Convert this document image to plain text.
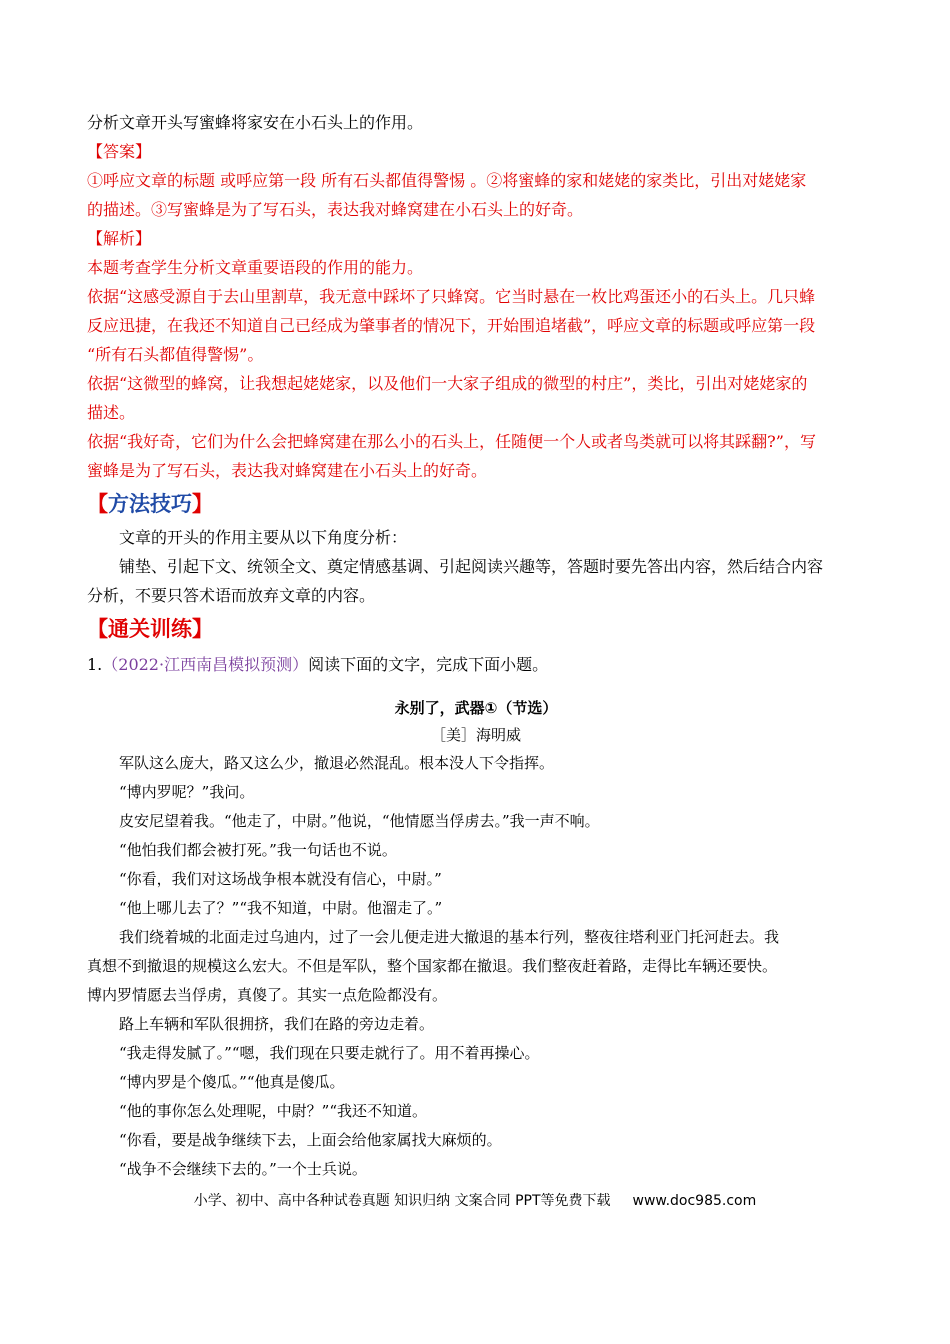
分析文章开头写蜜蜂将家安在小石头上的作用。

【答案】

①呼应文章的标题 或呼应第一段 所有石头都值得警惕 。②将蜜蜂的家和姥姥的家类比，引出对姥姥家

的描述。③写蜜蜂是为了写石头，表达我对蜂窝建在小石头上的好奇。

【解析】

本题考查学生分析文章重要语段的作用的能力。

依据“这感受源自于去山里割草，我无意中踩坏了只蜂窝。它当时悬在一枚比鸡蛋还小的石头上。几只蜂

反应迅捷，在我还不知道自己已经成为肇事者的情况下，开始围追堵截”，呼应文章的标题或呼应第一段

“所有石头都值得警惕”。

依据“这微型的蜂窝，让我想起姥姥家，以及他们一大家子组成的微型的村庄”，类比，引出对姥姥家的

描述。

依据“我好奇，它们为什么会把蜂窝建在那么小的石头上，任随便一个人或者鸟类就可以将其踩翻?”，写

蜜蜂是为了写石头，表达我对蜂窝建在小石头上的好奇。

【方法技巧】

文章的开头的作用主要从以下角度分析：

铺垫、引起下文、统领全文、奠定情感基调、引起阅读兴趣等，答题时要先答出内容，然后结合内容

分析，不要只答术语而放弃文章的内容。

【通关训练】

1.（2022·江西南昌模拟预测）阅读下面的文字，完成下面小题。

永别了，武器①（节选）

［美］海明威

军队这么庞大，路又这么少，撤退必然混乱。根本没人下令指挥。

“博内罗呢？”我问。

皮安尼望着我。“他走了，中尉。”他说，“他情愿当俘虏去。”我一声不响。

“他怕我们都会被打死。”我一句话也不说。

“你看，我们对这场战争根本就没有信心，中尉。”

“他上哪儿去了？”“我不知道，中尉。他溜走了。”

我们绕着城的北面走过乌迪内，过了一会儿便走进大撤退的基本行列，整夜往塔利亚门托河赶去。我

真想不到撤退的规模这么宏大。不但是军队，整个国家都在撤退。我们整夜赶着路，走得比车辆还要快。

博内罗情愿去当俘虏，真傻了。其实一点危险都没有。

路上车辆和军队很拥挤，我们在路的旁边走着。

“我走得发腻了。”“嗯，我们现在只要走就行了。用不着再操心。

“博内罗是个傻瓜。”“他真是傻瓜。

“他的事你怎么处理呢，中尉？”“我还不知道。

“你看，要是战争继续下去，上面会给他家属找大麻烦的。

“战争不会继续下去的。”一个士兵说。

小学、初中、高中各种试卷真题 知识归纳 文案合同 PPT等免费下载 www.doc985.com
